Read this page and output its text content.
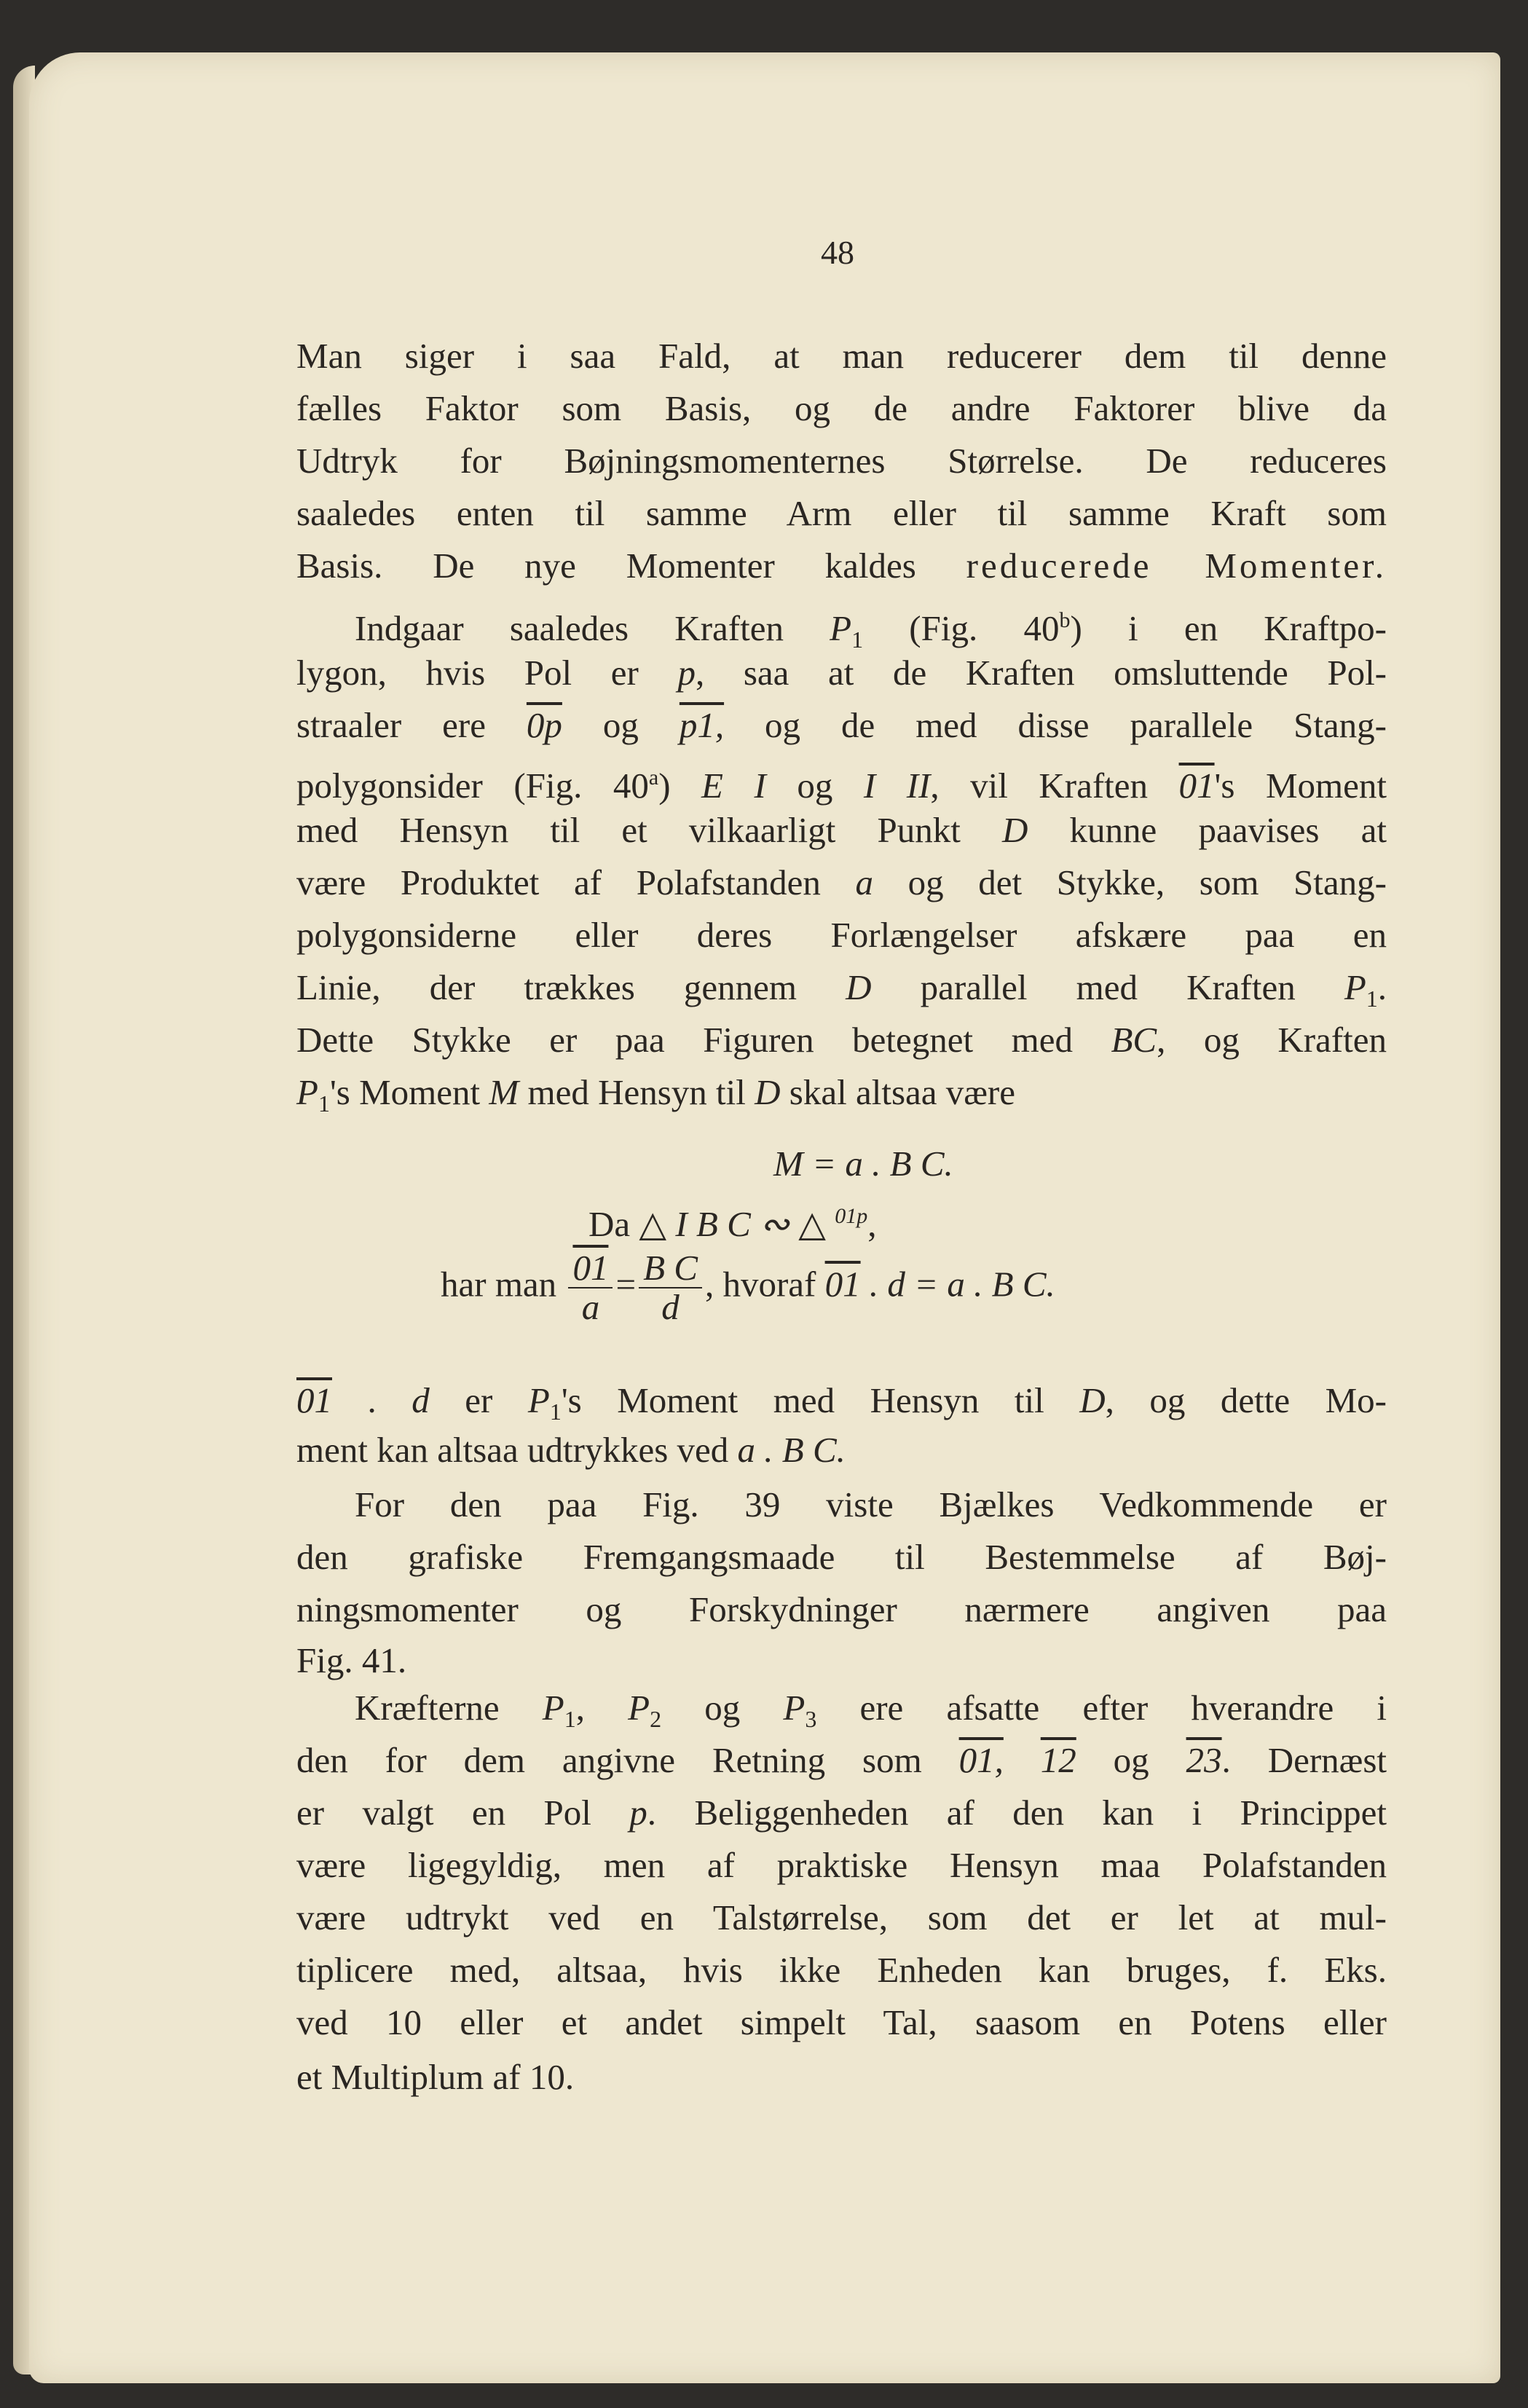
48
Man siger i saa Fald, at man reducerer dem til denne
fælles Faktor som Basis, og de andre Faktorer blive da
Udtryk for Bøjningsmomenternes Størrelse. De reduceres
saaledes enten til samme Arm eller til samme Kraft som
Basis. De nye Momenter kaldes reducerede Momenter.
Indgaar saaledes Kraften $P_1$ (Fig. 40$^b$) i en Kraftpo-
lygon, hvis Pol er p, saa at de Kraften omsluttende Pol-
straaler ere 0p og p1, og de med disse parallele Stang-
polygonsider (Fig. 40$^a$) E I og I II, vil Kraften 01's Moment
med Hensyn til et vilkaarligt Punkt D kunne paavises at
være Produktet af Polafstanden a og det Stykke, som Stang-
polygonsiderne eller deres Forlængelser afskære paa en
Linie, der trækkes gennem D parallel med Kraften $P_1$.
Dette Stykke er paa Figuren betegnet med BC, og Kraften
$P_1's$ Moment M med Hensyn til D skal altsaa være
01 . d er $P_1's$ Moment med Hensyn til D, og dette Mo-
ment kan altsaa udtrykkes ved a . B C.
For den paa Fig. 39 viste Bjælkes Vedkommende er
den grafiske Fremgangsmaade til Bestemmelse af Bøj-
ningsmomenter og Forskydninger nærmere angiven paa
Fig. 41.
Kræfterne $P_1$, $P_2$ og $P_3$ ere afsatte efter hverandre i
den for dem angivne Retning som 01, 12 og 23. Dernæst
er valgt en Pol p. Beliggenheden af den kan i Princippet
være ligegyldig, men af praktiske Hensyn maa Polafstanden
være udtrykt ved en Talstørrelse, som det er let at mul-
tiplicere med, altsaa, hvis ikke Enheden kan bruges, f. Eks.
ved 10 eller et andet simpelt Tal, saasom en Potens eller
et Multiplum af 10.
M = a . B C.
Da △ I B C ∾ △ $^{01p}$,
har man $\frac{01}{a} = \frac{\text{B C}}{d}$ , hvoraf 01 . d = a . B C.
